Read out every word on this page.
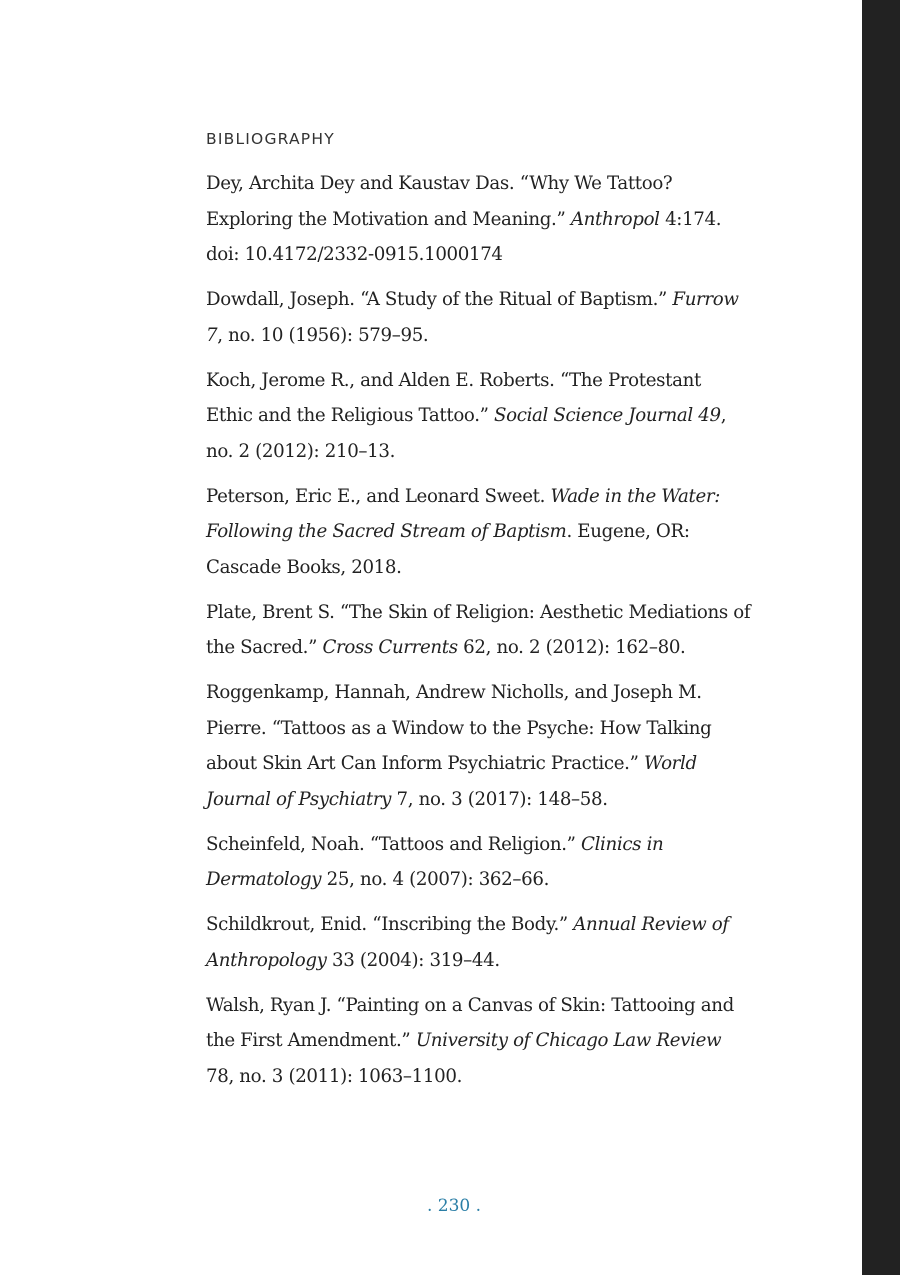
BIBLIOGRAPHY
Dey, Archita Dey and Kaustav Das. “Why We Tattoo?
Exploring the Motivation and Meaning.” Anthropol 4:174.
doi: 10.4172/2332-0915.1000174
Dowdall, Joseph. “A Study of the Ritual of Baptism.” Furrow
7, no. 10 (1956): 579–95.
Koch, Jerome R., and Alden E. Roberts. “The Protestant
Ethic and the Religious Tattoo.” Social Science Journal 49,
no. 2 (2012): 210–13.
Peterson, Eric E., and Leonard Sweet. Wade in the Water:
Following the Sacred Stream of Baptism. Eugene, OR:
Cascade Books, 2018.
Plate, Brent S. “The Skin of Religion: Aesthetic Mediations of
the Sacred.” Cross Currents 62, no. 2 (2012): 162–80.
Roggenkamp, Hannah, Andrew Nicholls, and Joseph M.
Pierre. “Tattoos as a Window to the Psyche: How Talking
about Skin Art Can Inform Psychiatric Practice.” World
Journal of Psychiatry 7, no. 3 (2017): 148–58.
Scheinfeld, Noah. “Tattoos and Religion.” Clinics in
Dermatology 25, no. 4 (2007): 362–66.
Schildkrout, Enid. “Inscribing the Body.” Annual Review of
Anthropology 33 (2004): 319–44.
Walsh, Ryan J. “Painting on a Canvas of Skin: Tattooing and
the First Amendment.” University of Chicago Law Review
78, no. 3 (2011): 1063–1100.
. 230 .
